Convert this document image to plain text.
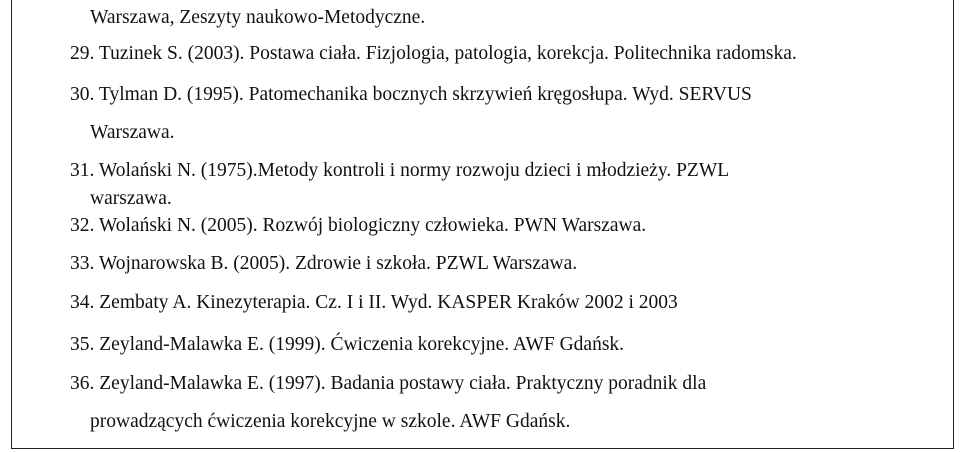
Warszawa, Zeszyty naukowo-Metodyczne.
29. Tuzinek S. (2003). Postawa ciała. Fizjologia, patologia, korekcja. Politechnika radomska.
30. Tylman D. (1995). Patomechanika bocznych skrzywień kręgosłupa. Wyd. SERVUS
Warszawa.
31. Wolański N. (1975).Metody kontroli i normy rozwoju dzieci i młodzieży. PZWL
warszawa.
32. Wolański N. (2005). Rozwój biologiczny człowieka. PWN Warszawa.
33. Wojnarowska B. (2005). Zdrowie i szkoła. PZWL Warszawa.
34. Zembaty A. Kinezyterapia. Cz. I i II. Wyd. KASPER Kraków 2002 i 2003
35. Zeyland-Malawka E. (1999). Ćwiczenia korekcyjne. AWF Gdańsk.
36. Zeyland-Malawka E. (1997). Badania postawy ciała. Praktyczny poradnik dla
prowadzących ćwiczenia korekcyjne w szkole. AWF Gdańsk.
